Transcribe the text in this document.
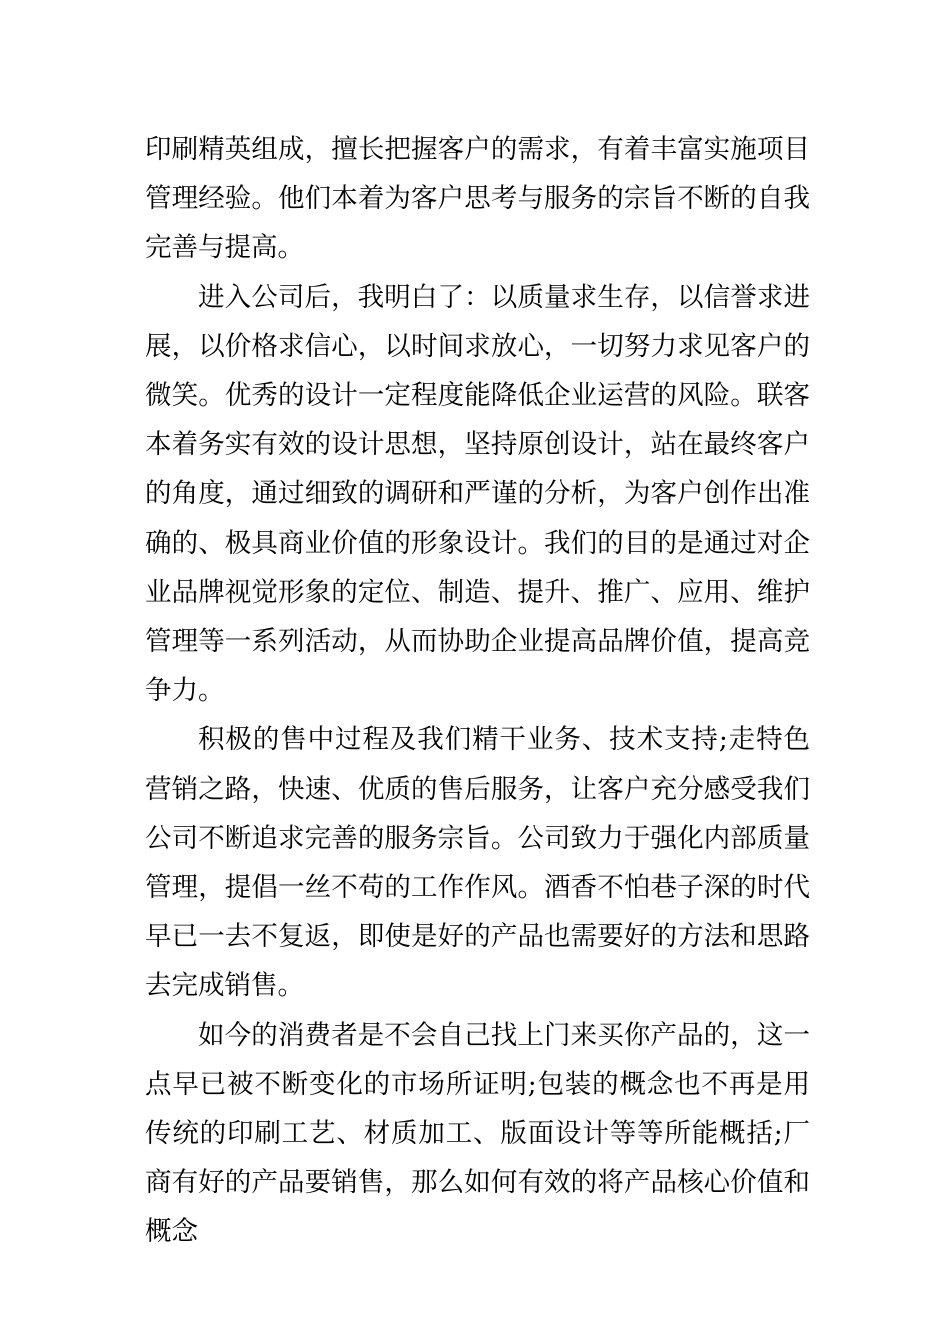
印刷精英组成，擅长把握客户的需求，有着丰富实施项目管理经验。他们本着为客户思考与服务的宗旨不断的自我完善与提高。

进入公司后，我明白了：以质量求生存，以信誉求进展，以价格求信心，以时间求放心，一切努力求见客户的微笑。优秀的设计一定程度能降低企业运营的风险。联客本着务实有效的设计思想，坚持原创设计，站在最终客户的角度，通过细致的调研和严谨的分析，为客户创作出准确的、极具商业价值的形象设计。我们的目的是通过对企业品牌视觉形象的定位、制造、提升、推广、应用、维护管理等一系列活动，从而协助企业提高品牌价值，提高竞争力。

积极的售中过程及我们精干业务、技术支持;走特色营销之路，快速、优质的售后服务，让客户充分感受我们公司不断追求完善的服务宗旨。公司致力于强化内部质量管理，提倡一丝不苟的工作作风。酒香不怕巷子深的时代早已一去不复返，即使是好的产品也需要好的方法和思路去完成销售。

如今的消费者是不会自己找上门来买你产品的，这一点早已被不断变化的市场所证明;包装的概念也不再是用传统的印刷工艺、材质加工、版面设计等等所能概括;厂商有好的产品要销售，那么如何有效的将产品核心价值和概念
